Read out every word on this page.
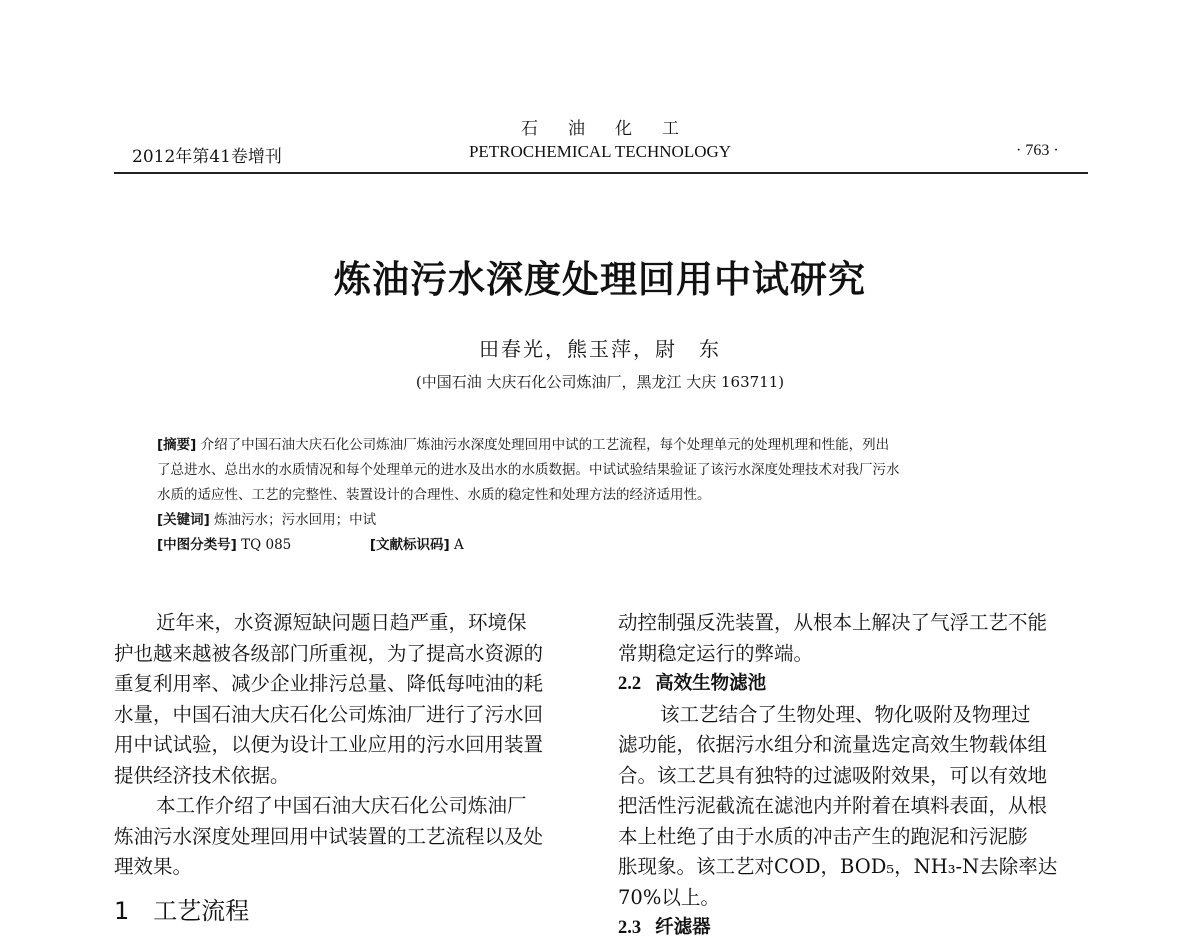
石油化工
2012年第41卷增刊	PETROCHEMICAL TECHNOLOGY	· 763 ·
炼油污水深度处理回用中试研究
田春光，熊玉萍，尉　东
(中国石油 大庆石化公司炼油厂，黑龙江 大庆 163711)
[摘要] 介绍了中国石油大庆石化公司炼油厂炼油污水深度处理回用中试的工艺流程，每个处理单元的处理机理和性能，列出
了总进水、总出水的水质情况和每个处理单元的进水及出水的水质数据。中试试验结果验证了该污水深度处理技术对我厂污水
水质的适应性、工艺的完整性、装置设计的合理性、水质的稳定性和处理方法的经济适用性。
[关键词] 炼油污水；污水回用；中试
[中图分类号] TQ 085	[文献标识码] A
近年来，水资源短缺问题日趋严重，环境保
护也越来越被各级部门所重视，为了提高水资源的
重复利用率、减少企业排污总量、降低每吨油的耗
水量，中国石油大庆石化公司炼油厂进行了污水回
用中试试验，以便为设计工业应用的污水回用装置
提供经济技术依据。
本工作介绍了中国石油大庆石化公司炼油厂
炼油污水深度处理回用中试装置的工艺流程以及处
理效果。
1　工艺流程
动控制强反洗装置，从根本上解决了气浮工艺不能
常期稳定运行的弊端。
2.2 高效生物滤池
该工艺结合了生物处理、物化吸附及物理过
滤功能，依据污水组分和流量选定高效生物载体组
合。该工艺具有独特的过滤吸附效果，可以有效地
把活性污泥截流在滤池内并附着在填料表面，从根
本上杜绝了由于水质的冲击产生的跑泥和污泥膨
胀现象。该工艺对COD，BOD₅，NH₃-N去除率达
70%以上。
2.3 纤滤器
